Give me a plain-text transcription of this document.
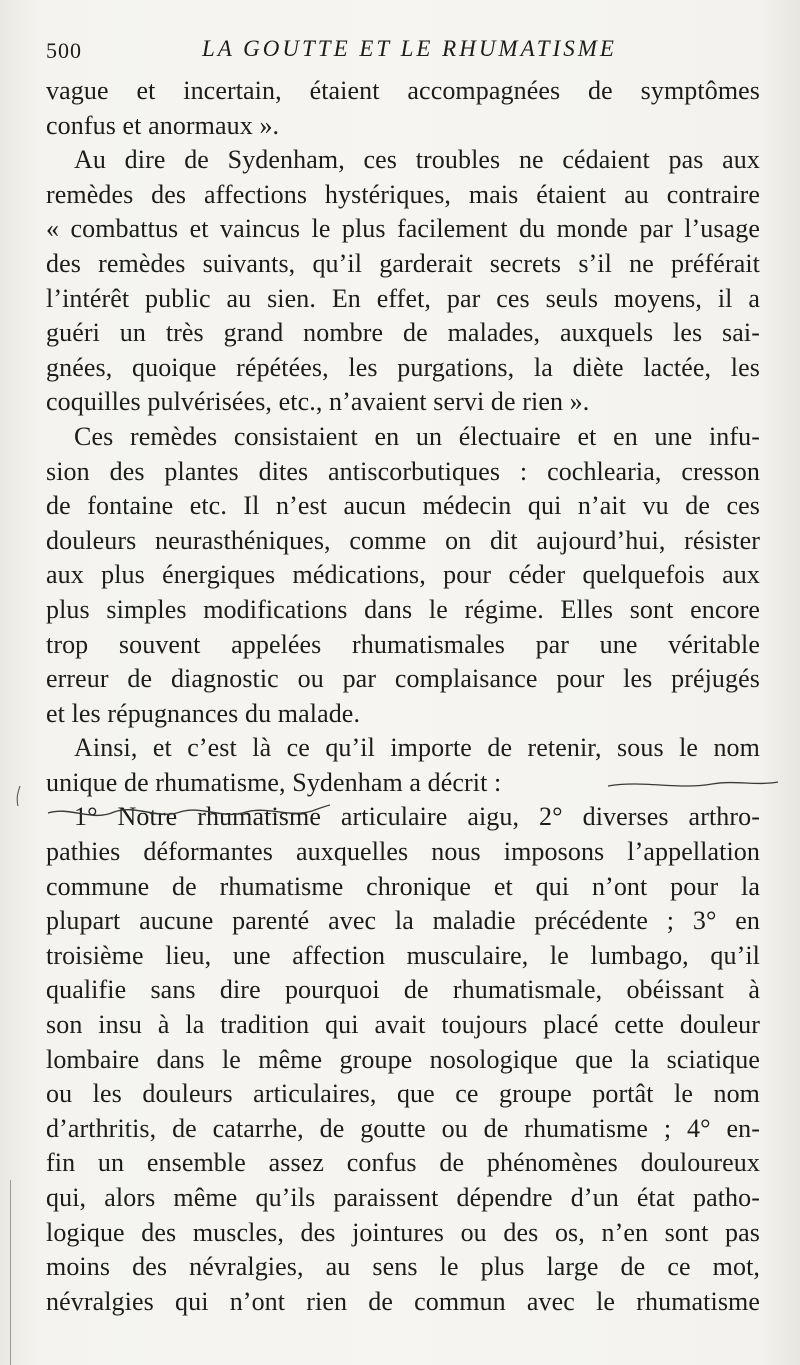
500	LA GOUTTE ET LE RHUMATISME
vague et incertain, étaient accompagnées de symptômes
confus et anormaux ».
Au dire de Sydenham, ces troubles ne cédaient pas aux
remèdes des affections hystériques, mais étaient au contraire
« combattus et vaincus le plus facilement du monde par l’usage
des remèdes suivants, qu’il garderait secrets s’il ne préférait
l’intérêt public au sien. En effet, par ces seuls moyens, il a
guéri un très grand nombre de malades, auxquels les sai-
gnées, quoique répétées, les purgations, la diète lactée, les
coquilles pulvérisées, etc., n’avaient servi de rien ».
Ces remèdes consistaient en un électuaire et en une infu-
sion des plantes dites antiscorbutiques : cochlearia, cresson
de fontaine etc. Il n’est aucun médecin qui n’ait vu de ces
douleurs neurasthéniques, comme on dit aujourd’hui, résister
aux plus énergiques médications, pour céder quelquefois aux
plus simples modifications dans le régime. Elles sont encore
trop souvent appelées rhumatismales par une véritable
erreur de diagnostic ou par complaisance pour les préjugés
et les répugnances du malade.
Ainsi, et c’est là ce qu’il importe de retenir, sous le nom
unique de rhumatisme, Sydenham a décrit :
1° Notre rhumatisme articulaire aigu, 2° diverses arthro-
pathies déformantes auxquelles nous imposons l’appellation
commune de rhumatisme chronique et qui n’ont pour la
plupart aucune parenté avec la maladie précédente ; 3° en
troisième lieu, une affection musculaire, le lumbago, qu’il
qualifie sans dire pourquoi de rhumatismale, obéissant à
son insu à la tradition qui avait toujours placé cette douleur
lombaire dans le même groupe nosologique que la sciatique
ou les douleurs articulaires, que ce groupe portât le nom
d’arthritis, de catarrhe, de goutte ou de rhumatisme ; 4° en-
fin un ensemble assez confus de phénomènes douloureux
qui, alors même qu’ils paraissent dépendre d’un état patho-
logique des muscles, des jointures ou des os, n’en sont pas
moins des névralgies, au sens le plus large de ce mot,
névralgies qui n’ont rien de commun avec le rhumatisme
